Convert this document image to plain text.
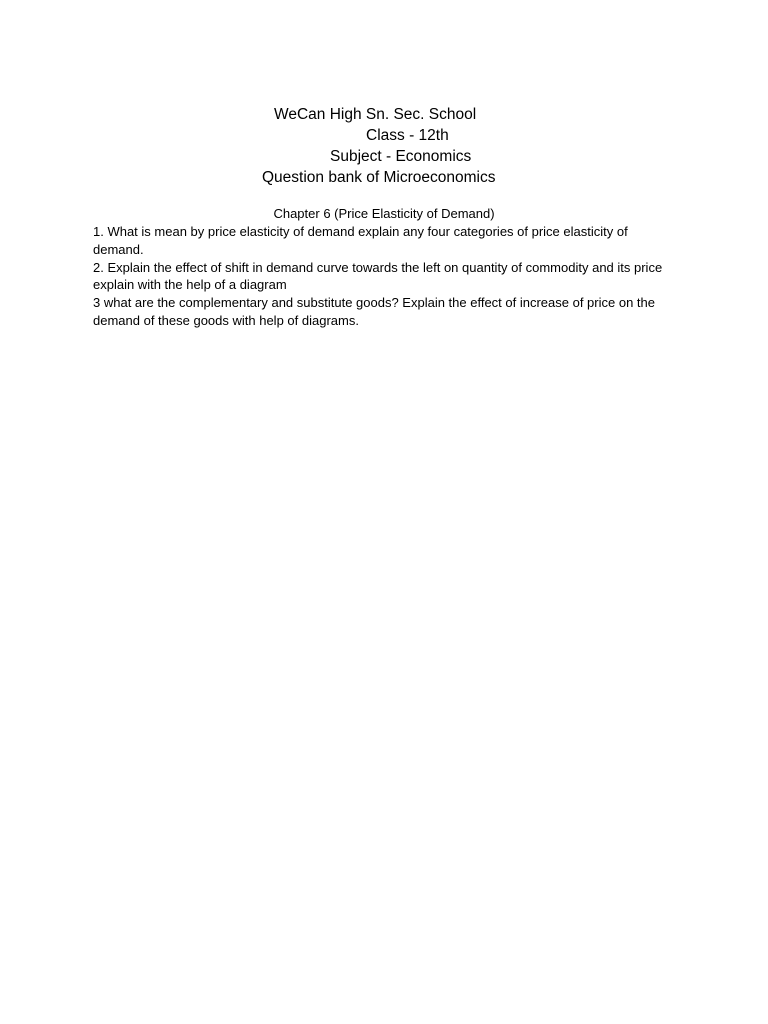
WeCan High Sn. Sec. School
Class - 12th
Subject - Economics
Question bank of Microeconomics
Chapter 6 (Price Elasticity of Demand)

1. What is mean by price elasticity of demand explain any four categories of price elasticity of demand.

2. Explain the effect of shift in demand curve towards the left on quantity of commodity and its price explain with the help of a diagram

3 what are the complementary and substitute goods? Explain the effect of increase of price on the demand of these goods with help of diagrams.
